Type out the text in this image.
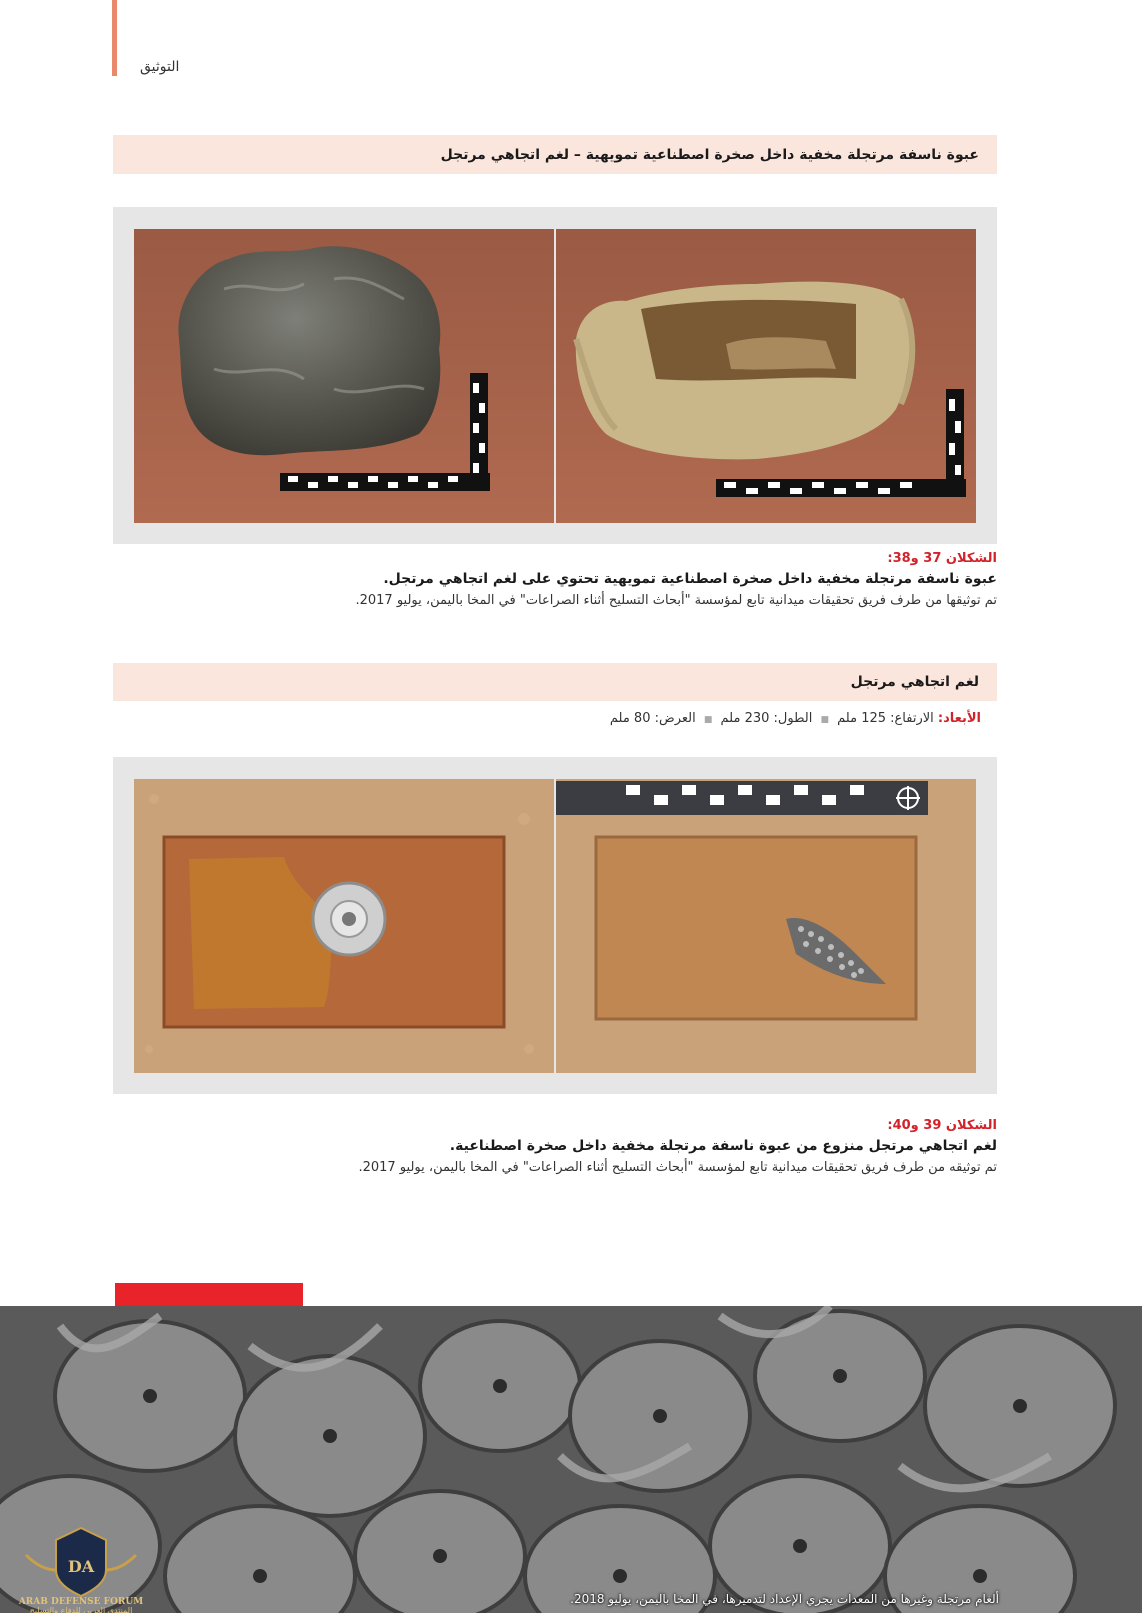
التوثيق
عبوة ناسفة مرتجلة مخفية داخل صخرة اصطناعية تمويهية – لغم اتجاهي مرتجل
الشكلان 37 و38:
عبوة ناسفة مرتجلة مخفية داخل صخرة اصطناعية تمويهية تحتوي على لغم اتجاهي مرتجل.
تم توثيقها من طرف فريق تحقيقات ميدانية تابع لمؤسسة "أبحاث التسليح أثناء الصراعات" في المخا باليمن، يوليو 2017.
لغم اتجاهي مرتجل
الأبعاد: الارتفاع: 125 ملم ■ الطول: 230 ملم ■ العرض: 80 ملم
الشكلان 39 و40:
لغم اتجاهي مرتجل منزوع من عبوة ناسفة مرتجلة مخفية داخل صخرة اصطناعية.
تم توثيقه من طرف فريق تحقيقات ميدانية تابع لمؤسسة "أبحاث التسليح أثناء الصراعات" في المخا باليمن، يوليو 2017.
ألغام مرتجلة وغيرها من المعدات يجري الإعداد لتدميرها، في المخا باليمن، يوليو 2018.
DA
ARAB DEFENSE FORUM
المنتدى العربي للدفاع والتسليح
